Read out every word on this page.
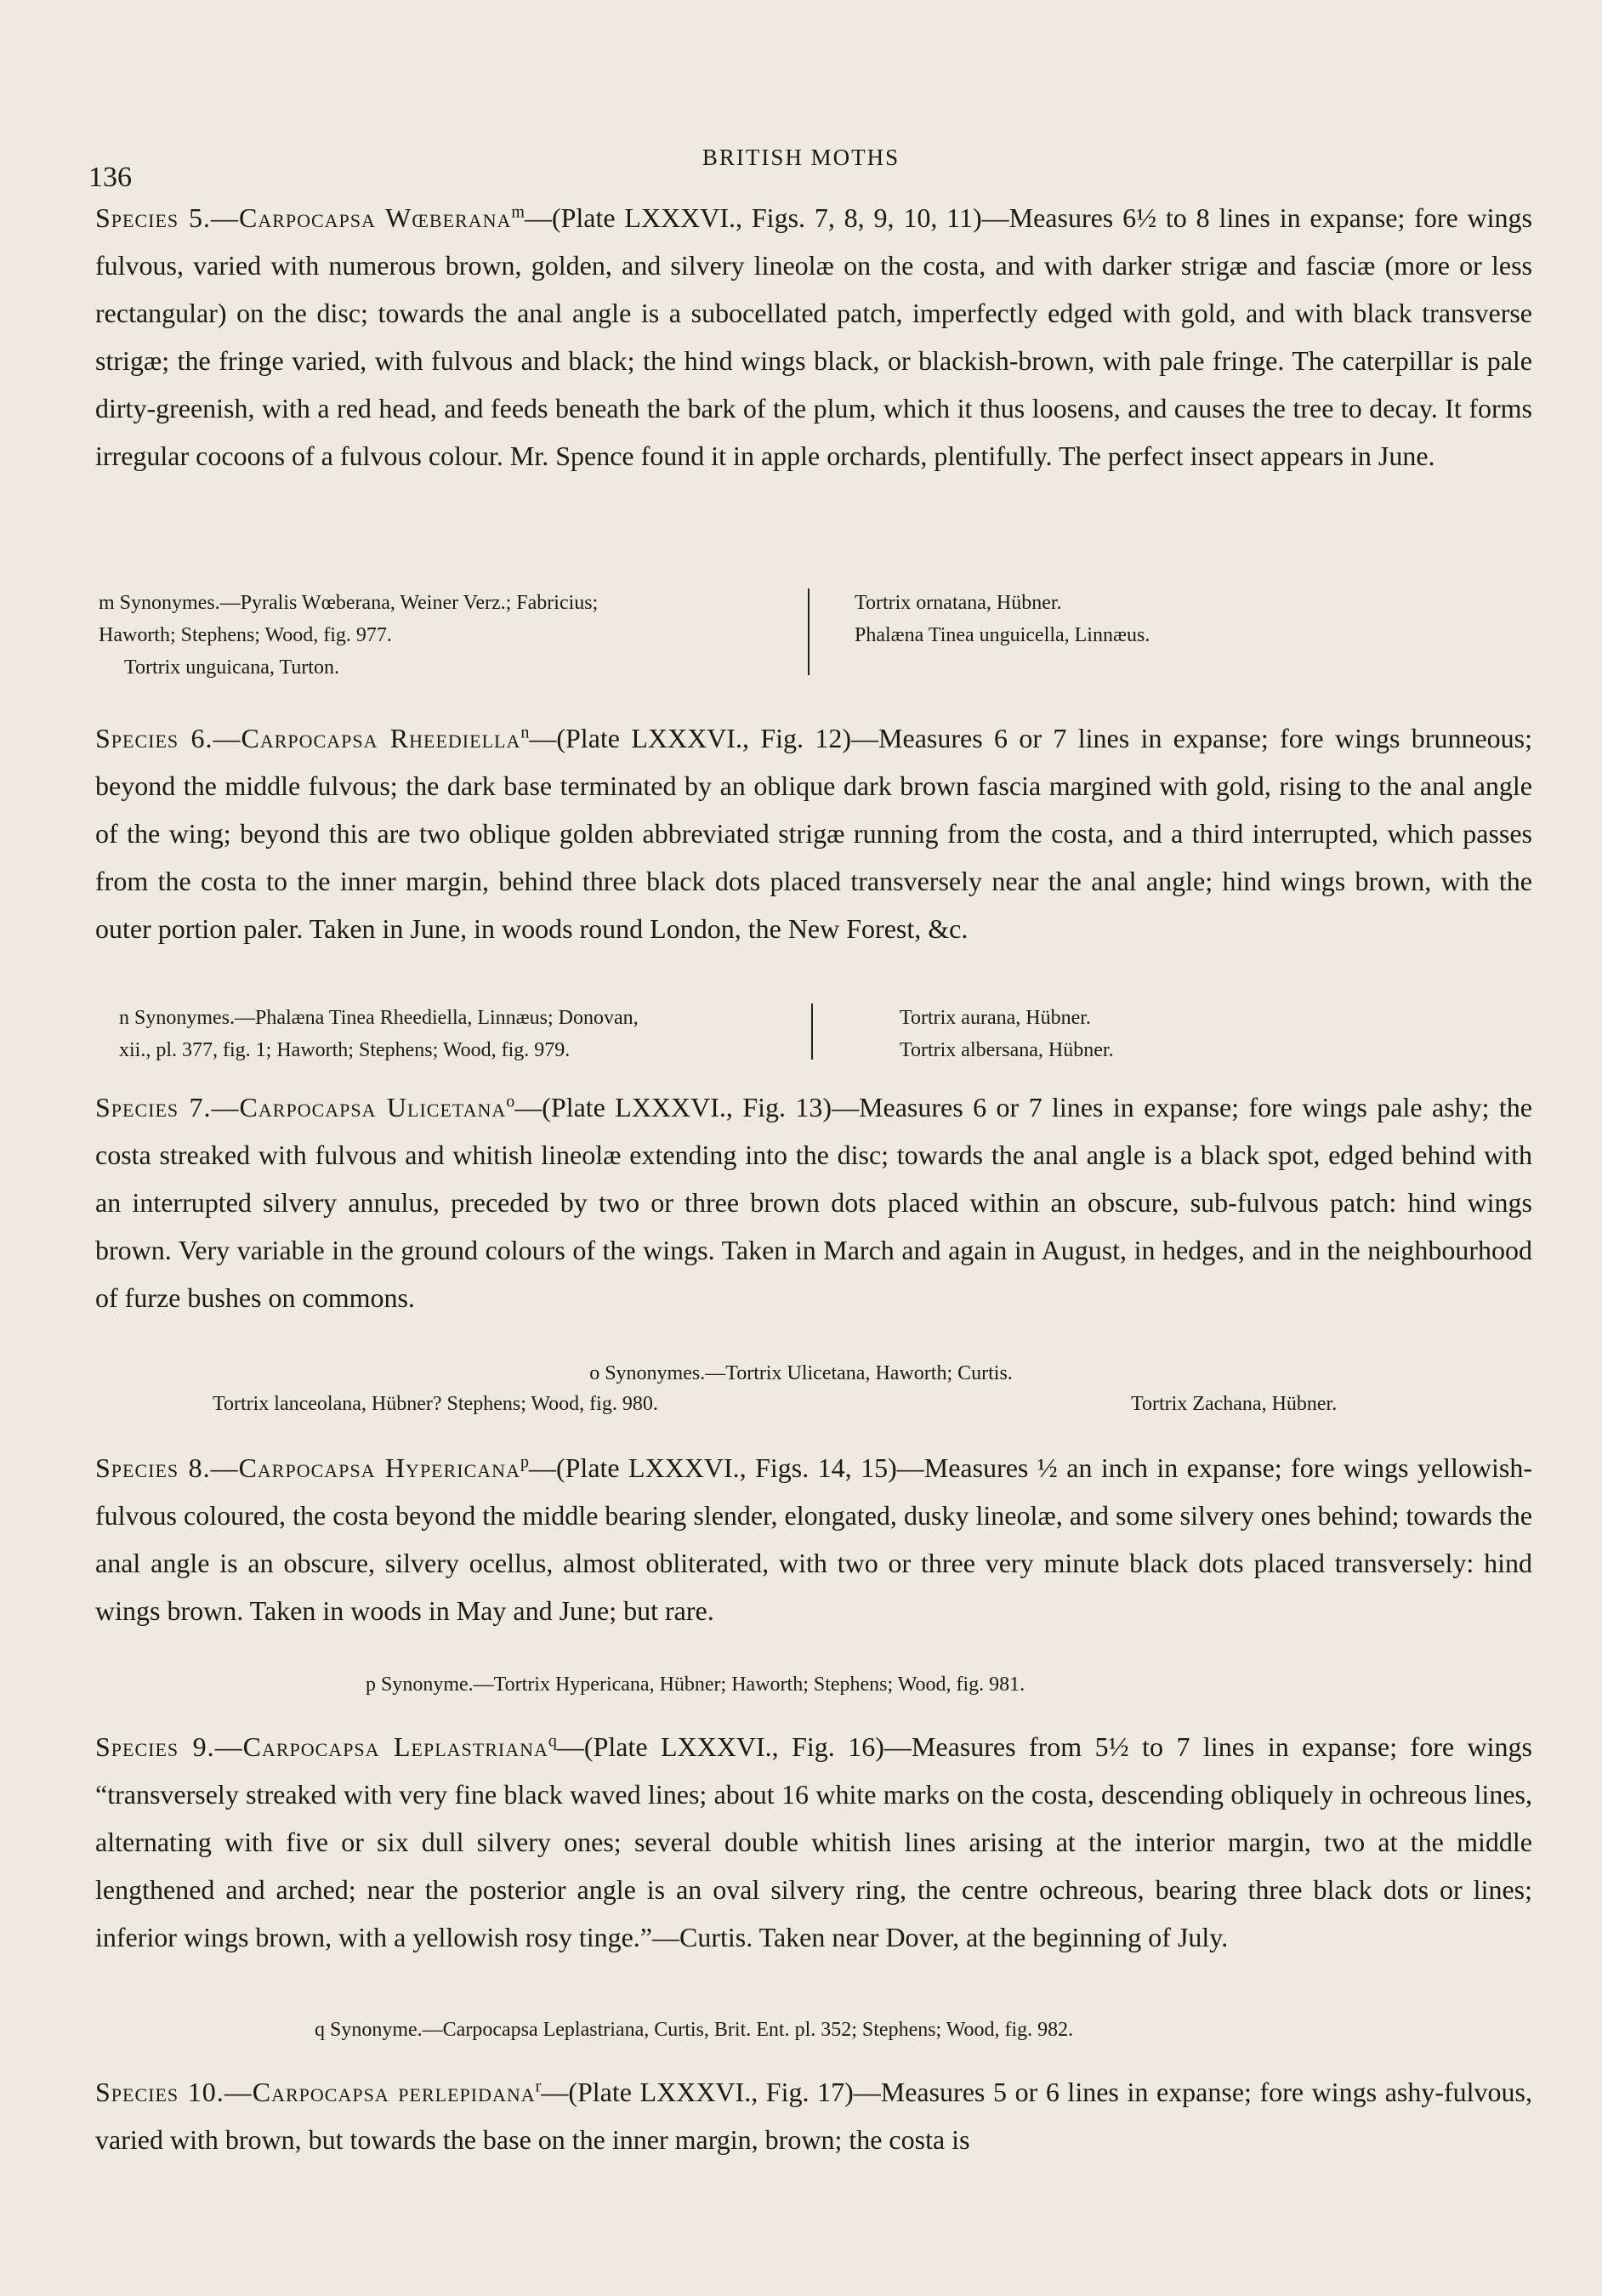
136
BRITISH MOTHS
Species 5.—Carpocapsa Wœberana$^m$—(Plate LXXXVI., Figs. 7, 8, 9, 10, 11)—Measures 6½ to 8 lines in expanse; fore wings fulvous, varied with numerous brown, golden, and silvery lineolæ on the costa, and with darker strigæ and fasciæ (more or less rectangular) on the disc; towards the anal angle is a subocellated patch, imperfectly edged with gold, and with black transverse strigæ; the fringe varied, with fulvous and black; the hind wings black, or blackish-brown, with pale fringe. The caterpillar is pale dirty-greenish, with a red head, and feeds beneath the bark of the plum, which it thus loosens, and causes the tree to decay. It forms irregular cocoons of a fulvous colour. Mr. Spence found it in apple orchards, plentifully. The perfect insect appears in June.
m Synonymes.—Pyralis Wœberana, Weiner Verz.; Fabricius;
Haworth; Stephens; Wood, fig. 977.
Tortrix unguicana, Turton.
Tortrix ornatana, Hübner.
Phalæna Tinea unguicella, Linnæus.
Species 6.—Carpocapsa Rheediella$^n$—(Plate LXXXVI., Fig. 12)—Measures 6 or 7 lines in expanse; fore wings brunneous; beyond the middle fulvous; the dark base terminated by an oblique dark brown fascia margined with gold, rising to the anal angle of the wing; beyond this are two oblique golden abbreviated strigæ running from the costa, and a third interrupted, which passes from the costa to the inner margin, behind three black dots placed transversely near the anal angle; hind wings brown, with the outer portion paler. Taken in June, in woods round London, the New Forest, &c.
n Synonymes.—Phalæna Tinea Rheediella, Linnæus; Donovan,
xii., pl. 377, fig. 1; Haworth; Stephens; Wood, fig. 979.
Tortrix aurana, Hübner.
Tortrix albersana, Hübner.
Species 7.—Carpocapsa Ulicetana$^o$—(Plate LXXXVI., Fig. 13)—Measures 6 or 7 lines in expanse; fore wings pale ashy; the costa streaked with fulvous and whitish lineolæ extending into the disc; towards the anal angle is a black spot, edged behind with an interrupted silvery annulus, preceded by two or three brown dots placed within an obscure, sub-fulvous patch: hind wings brown. Very variable in the ground colours of the wings. Taken in March and again in August, in hedges, and in the neighbourhood of furze bushes on commons.
o Synonymes.—Tortrix Ulicetana, Haworth; Curtis.
Tortrix lanceolana, Hübner? Stephens; Wood, fig. 980.	Tortrix Zachana, Hübner.
Species 8.—Carpocapsa Hypericana$^p$—(Plate LXXXVI., Figs. 14, 15)—Measures ½ an inch in expanse; fore wings yellowish-fulvous coloured, the costa beyond the middle bearing slender, elongated, dusky lineolæ, and some silvery ones behind; towards the anal angle is an obscure, silvery ocellus, almost obliterated, with two or three very minute black dots placed transversely: hind wings brown. Taken in woods in May and June; but rare.
p Synonyme.—Tortrix Hypericana, Hübner; Haworth; Stephens; Wood, fig. 981.
Species 9.—Carpocapsa Leplastriana$^q$—(Plate LXXXVI., Fig. 16)—Measures from 5½ to 7 lines in expanse; fore wings “transversely streaked with very fine black waved lines; about 16 white marks on the costa, descending obliquely in ochreous lines, alternating with five or six dull silvery ones; several double whitish lines arising at the interior margin, two at the middle lengthened and arched; near the posterior angle is an oval silvery ring, the centre ochreous, bearing three black dots or lines; inferior wings brown, with a yellowish rosy tinge.”—Curtis. Taken near Dover, at the beginning of July.
q Synonyme.—Carpocapsa Leplastriana, Curtis, Brit. Ent. pl. 352; Stephens; Wood, fig. 982.
Species 10.—Carpocapsa perlepidana$^r$—(Plate LXXXVI., Fig. 17)—Measures 5 or 6 lines in expanse; fore wings ashy-fulvous, varied with brown, but towards the base on the inner margin, brown; the costa is
